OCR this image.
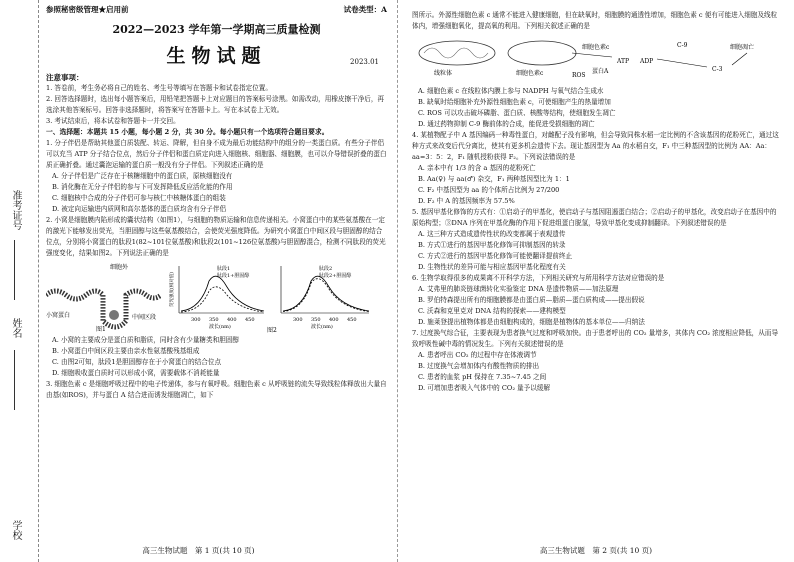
准考证号
姓名
学校
参照秘密级管理★启用前	试卷类型：A
2022—2023 学年第一学期高三质量检测
生物试题	2023.01
注意事项：

1. 答卷前，考生务必将自己的姓名、考生号等填写在答题卡和试卷指定位置。

2. 回答选择题时，选出每小题答案后，用铅笔把答题卡上对应题目的答案标号涂黑。如需改动，用橡皮擦干净后，再选涂其他答案标号。回答非选择题时，将答案写在答题卡上。写在本试卷上无效。

3. 考试结束后，将本试卷和答题卡一并交回。

一、选择题：本题共 15 小题，每小题 2 分，共 30 分。每小题只有一个选项符合题目要求。

1. 分子伴侣是帮助其他蛋白质装配、转运、降解，但自身不成为最后功能结构中的组分的一类蛋白质。有些分子伴侣可以充当 ATP 分子结合位点，然后分子伴侣和蛋白质定向进入细胞核、细胞器、细胞膜，也可以介导错误折叠的蛋白质正确折叠。通过囊泡运输的蛋白质一般没有分子伴侣。下列叙述正确的是

A. 分子伴侣是广泛存在于核糖细胞中的蛋白质，原核细胞没有

B. 消化酶在无分子伴侣的参与下可发挥降低反应活化能的作用

C. 细胞核中合成的分子伴侣可参与核仁中核糖体蛋白的组装

D. 被定向运输进内质网和高尔基体的蛋白质均含有分子伴侣

2. 小窝是细胞膜内陷形成的囊状结构（如图1），与细胞的物质运输和信息传递相关。小窝蛋白中的某些氨基酸在一定的激光下能够发出荧光，当胆固醇与这些氨基酸结合，会使荧光强度降低。为研究小窝蛋白中间区段与胆固醇的结合位点，分别将小窝蛋白的肽段1(82~101位氨基酸)和肽段2(101~126位氨基酸)与胆固醇混合，检测不同肽段的荧光强度变化，结果如图2。下列说法正确的是

细胞外
小窝蛋白	中间区段
图1
肽段1
肽段1+胆固醇
300 350 400 450
波长(nm)
肽段2
肽段2+胆固醇
300 350 400 450
波长(nm)
荧光强度(相对值)
图2

A. 小窝的主要成分是蛋白质和脂质，同时含有少量糖类和胆固醇

B. 小窝蛋白中间区段主要由亲水性氨基酸残基组成

C. 由图2可知，肽段1是胆固醇存在于小窝蛋白的结合位点

D. 细胞吸收蛋白质时可以形成小窝，需要载体不消耗能量

3. 细胞色素 c 是细胞呼吸过程中的电子传递体，参与有氧呼吸。细胞色素 c 从呼吸链的流失导致线粒体释放出大量自由基(如ROS)，并与蛋白 A 结合进而诱发细胞凋亡，如下

高三生物试题　第 1 页(共 10 页)

图所示。外源性细胞色素 c 通常不能进入健康细胞，但在缺氧时，细胞膜的通透性增加，细胞色素 c 便有可能进入细胞及线粒体内，增强细胞氧化，提高氧的利用。下列相关叙述正确的是

线粒体	细胞色素c
细胞色素c
ATP ADP
蛋白A
C-9
C-3
ROS
细胞凋亡

A. 细胞色素 c 在线粒体内膜上参与 NADPH 与氧气结合生成水

B. 缺氧时给细胞补充外源性细胞色素 c，可使细胞产生的热量增加

C. ROS 可以攻击破坏磷脂、蛋白质、核酸等结构，使细胞发生凋亡

D. 通过药物抑制 C-9 酶前体的合成，能促进受损细胞的凋亡

4. 某植物配子中 A 基因编码一种毒性蛋白，对雌配子没有影响，但会导致同株水稻一定比例的不含该基因的花粉死亡，通过这种方式来改变后代分离比，使其有更多机会遗传下去。现让基因型为 Aa 的水稻自交，F₁ 中三种基因型的比例为 AA：Aa：aa=3：5：2，F₁ 随机授粉获得 F₂。下列说法错误的是

A. 亲本中有 1/3 的含 a 基因的花粉死亡

B. Aa(♀) 与 aa(♂) 杂交，F₁ 两种基因型比为 1：1

C. F₂ 中基因型为 aa 的个体所占比例为 27/200

D. F₂ 中 A 的基因频率为 57.5%

5. 基因甲基化修饰的方式有：①启动子的甲基化，使启动子与基因阻遏蛋白结合；②启动子的甲基化，改变启动子在基因中的原始构型；③DNA 序列在甲基化酶的作用下促进组蛋白脱氢，导致甲基化变成抑制翻译。下列叙述错误的是

A. 这三种方式造成遗传性状的改变都属于表观遗传

B. 方式①进行的基因甲基化修饰可抑制基因的转录

C. 方式②进行的基因甲基化修饰可能使翻译提前终止

D. 生物性状的差异可能与相应基因甲基化程度有关

6. 生物学取得很多的成果离不开科学方法，下列相关研究与所用科学方法对应错误的是

A. 艾弗里的肺炎链球菌转化实验鉴定 DNA 是遗传物质——加法原理

B. 罗伯特森提出所有的细胞膜都是由蛋白质—脂质—蛋白质构成——提出假说

C. 沃森和克里克对 DNA 结构的探索——建构模型

D. 施莱登提出植物体都是由细胞构成的，细胞是植物体的基本单位——归纳法

7. 过度换气综合征，主要表现为患者换气过度和呼吸加快。由于患者呼出的 CO₂ 量增多，其体内 CO₂ 浓度相应降低，从而导致呼吸性碱中毒的情况发生。下列有关叙述错误的是

A. 患者呼出 CO₂ 的过程中存在体液调节

B. 过度换气会增加体内有酸性物质的排出

C. 患者的血浆 pH 保持在 7.35~7.45 之间

D. 可增加患者吸入气体中的 CO₂ 量予以缓解

高三生物试题　第 2 页(共 10 页)
